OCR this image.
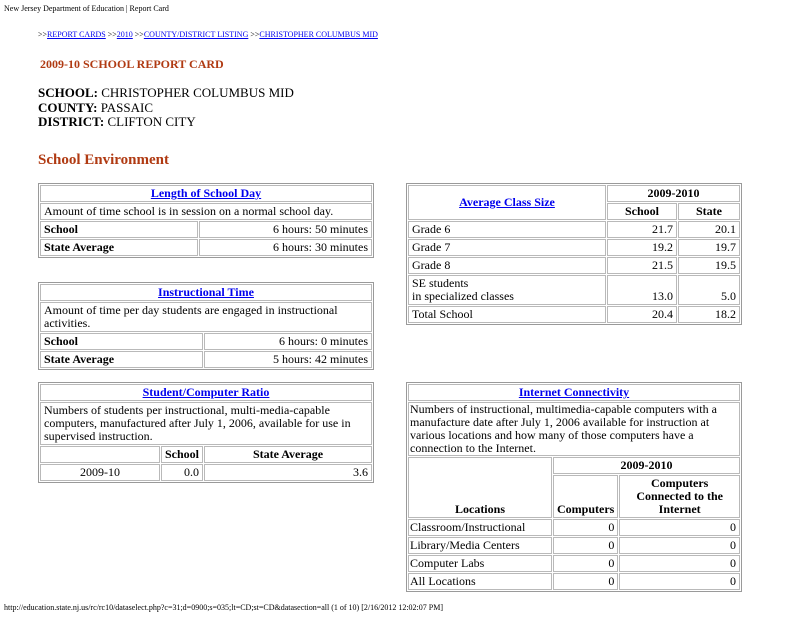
New Jersey Department of Education | Report Card
>>REPORT CARDS >>2010 >>COUNTY/DISTRICT LISTING >>CHRISTOPHER COLUMBUS MID
2009-10 SCHOOL REPORT CARD
SCHOOL: CHRISTOPHER COLUMBUS MID
COUNTY: PASSAIC
DISTRICT: CLIFTON CITY
School Environment
Length of School Day	
Amount of time school is in session on a normal school day.	
School	6 hours: 50 minutes
State Average	6 hours: 30 minutes
Instructional Time	
Amount of time per day students are engaged in instructional activities.	
School	6 hours: 0 minutes
State Average	5 hours: 42 minutes
Student/Computer Ratio		
Numbers of students per instructional, multi-media-capable computers, manufactured after July 1, 2006, available for use in supervised instruction.		
	School	State Average
2009-10	0.0	3.6
Average Class Size	2009-2010	
	School	State
Grade 6	21.7	20.1
Grade 7	19.2	19.7
Grade 8	21.5	19.5
SE students
in specialized classes	13.0	5.0
Total School	20.4	18.2
Internet Connectivity		
Numbers of instructional, multimedia-capable computers with a manufacture date after July 1, 2006 available for instruction at various locations and how many of those computers have a connection to the Internet.		
Locations	2009-2010	
	Computers	Computers Connected to the Internet
Classroom/Instructional	0	0
Library/Media Centers	0	0
Computer Labs	0	0
All Locations	0	0
http://education.state.nj.us/rc/rc10/dataselect.php?c=31;d=0900;s=035;lt=CD;st=CD&datasection=all (1 of 10) [2/16/2012 12:02:07 PM]
